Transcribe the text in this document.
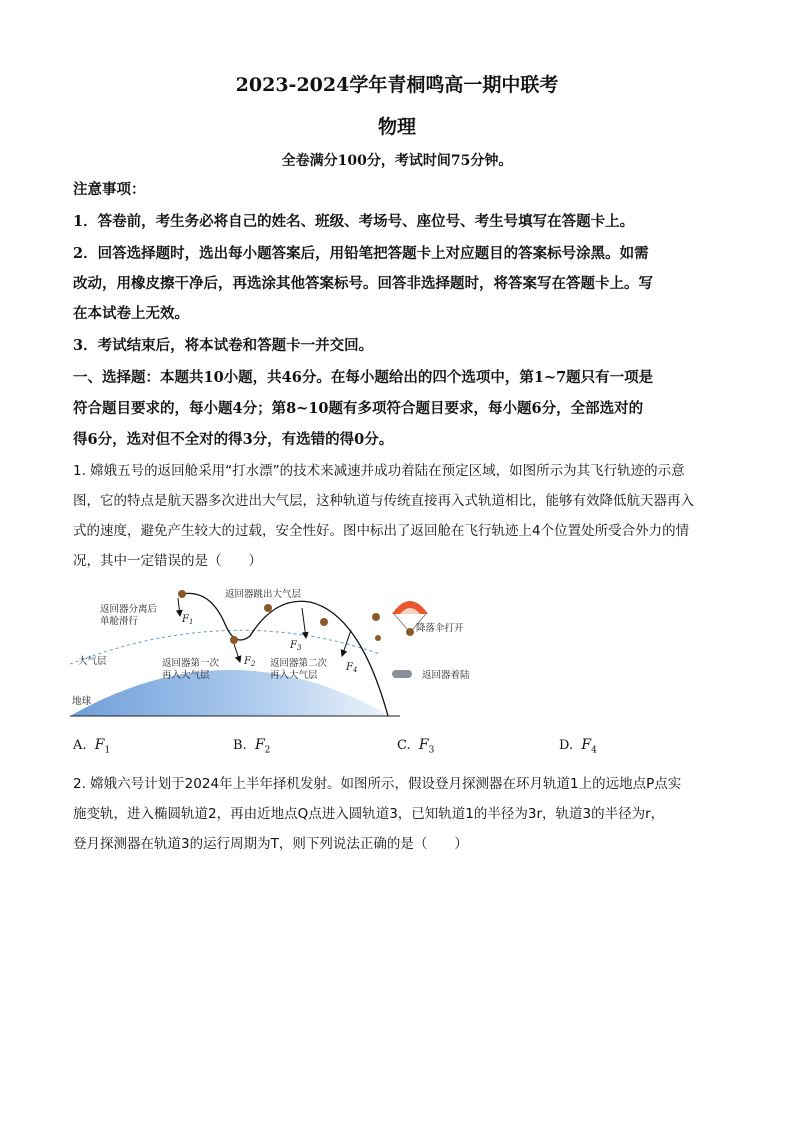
2023-2024学年青桐鸣高一期中联考
物理
全卷满分100分，考试时间75分钟。
注意事项：
1．答卷前，考生务必将自己的姓名、班级、考场号、座位号、考生号填写在答题卡上。
2．回答选择题时，选出每小题答案后，用铅笔把答题卡上对应题目的答案标号涂黑。如需
改动，用橡皮擦干净后，再选涂其他答案标号。回答非选择题时，将答案写在答题卡上。写
在本试卷上无效。
3．考试结束后，将本试卷和答题卡一并交回。
一、选择题：本题共10小题，共46分。在每小题给出的四个选项中，第1~7题只有一项是
符合题目要求的，每小题4分；第8~10题有多项符合题目要求，每小题6分，全部选对的
得6分，选对但不全对的得3分，有选错的得0分。
1. 嫦娥五号的返回舱采用“打水漂”的技术来减速并成功着陆在预定区域，如图所示为其飞行轨迹的示意
图，它的特点是航天器多次进出大气层，这种轨道与传统直接再入式轨道相比，能够有效降低航天器再入
式的速度，避免产生较大的过载，安全性好。图中标出了返回舱在飞行轨迹上4个位置处所受合外力的情
况，其中一定错误的是（　　）
返回器分离后
单舱滑行
返回器跳出大气层
降落伞打开
返回器第一次
再入大气层
返回器第二次
再入大气层
大气层
返回器着陆
地球
$F_1$
$F_2$
$F_3$
$F_4$
A. $F_1$	B. $F_2$	C. $F_3$	D. $F_4$
2. 嫦娥六号计划于2024年上半年择机发射。如图所示，假设登月探测器在环月轨道1上的远地点P点实
施变轨，进入椭圆轨道2，再由近地点Q点进入圆轨道3，已知轨道1的半径为3r，轨道3的半径为r，
登月探测器在轨道3的运行周期为T，则下列说法正确的是（　　）
